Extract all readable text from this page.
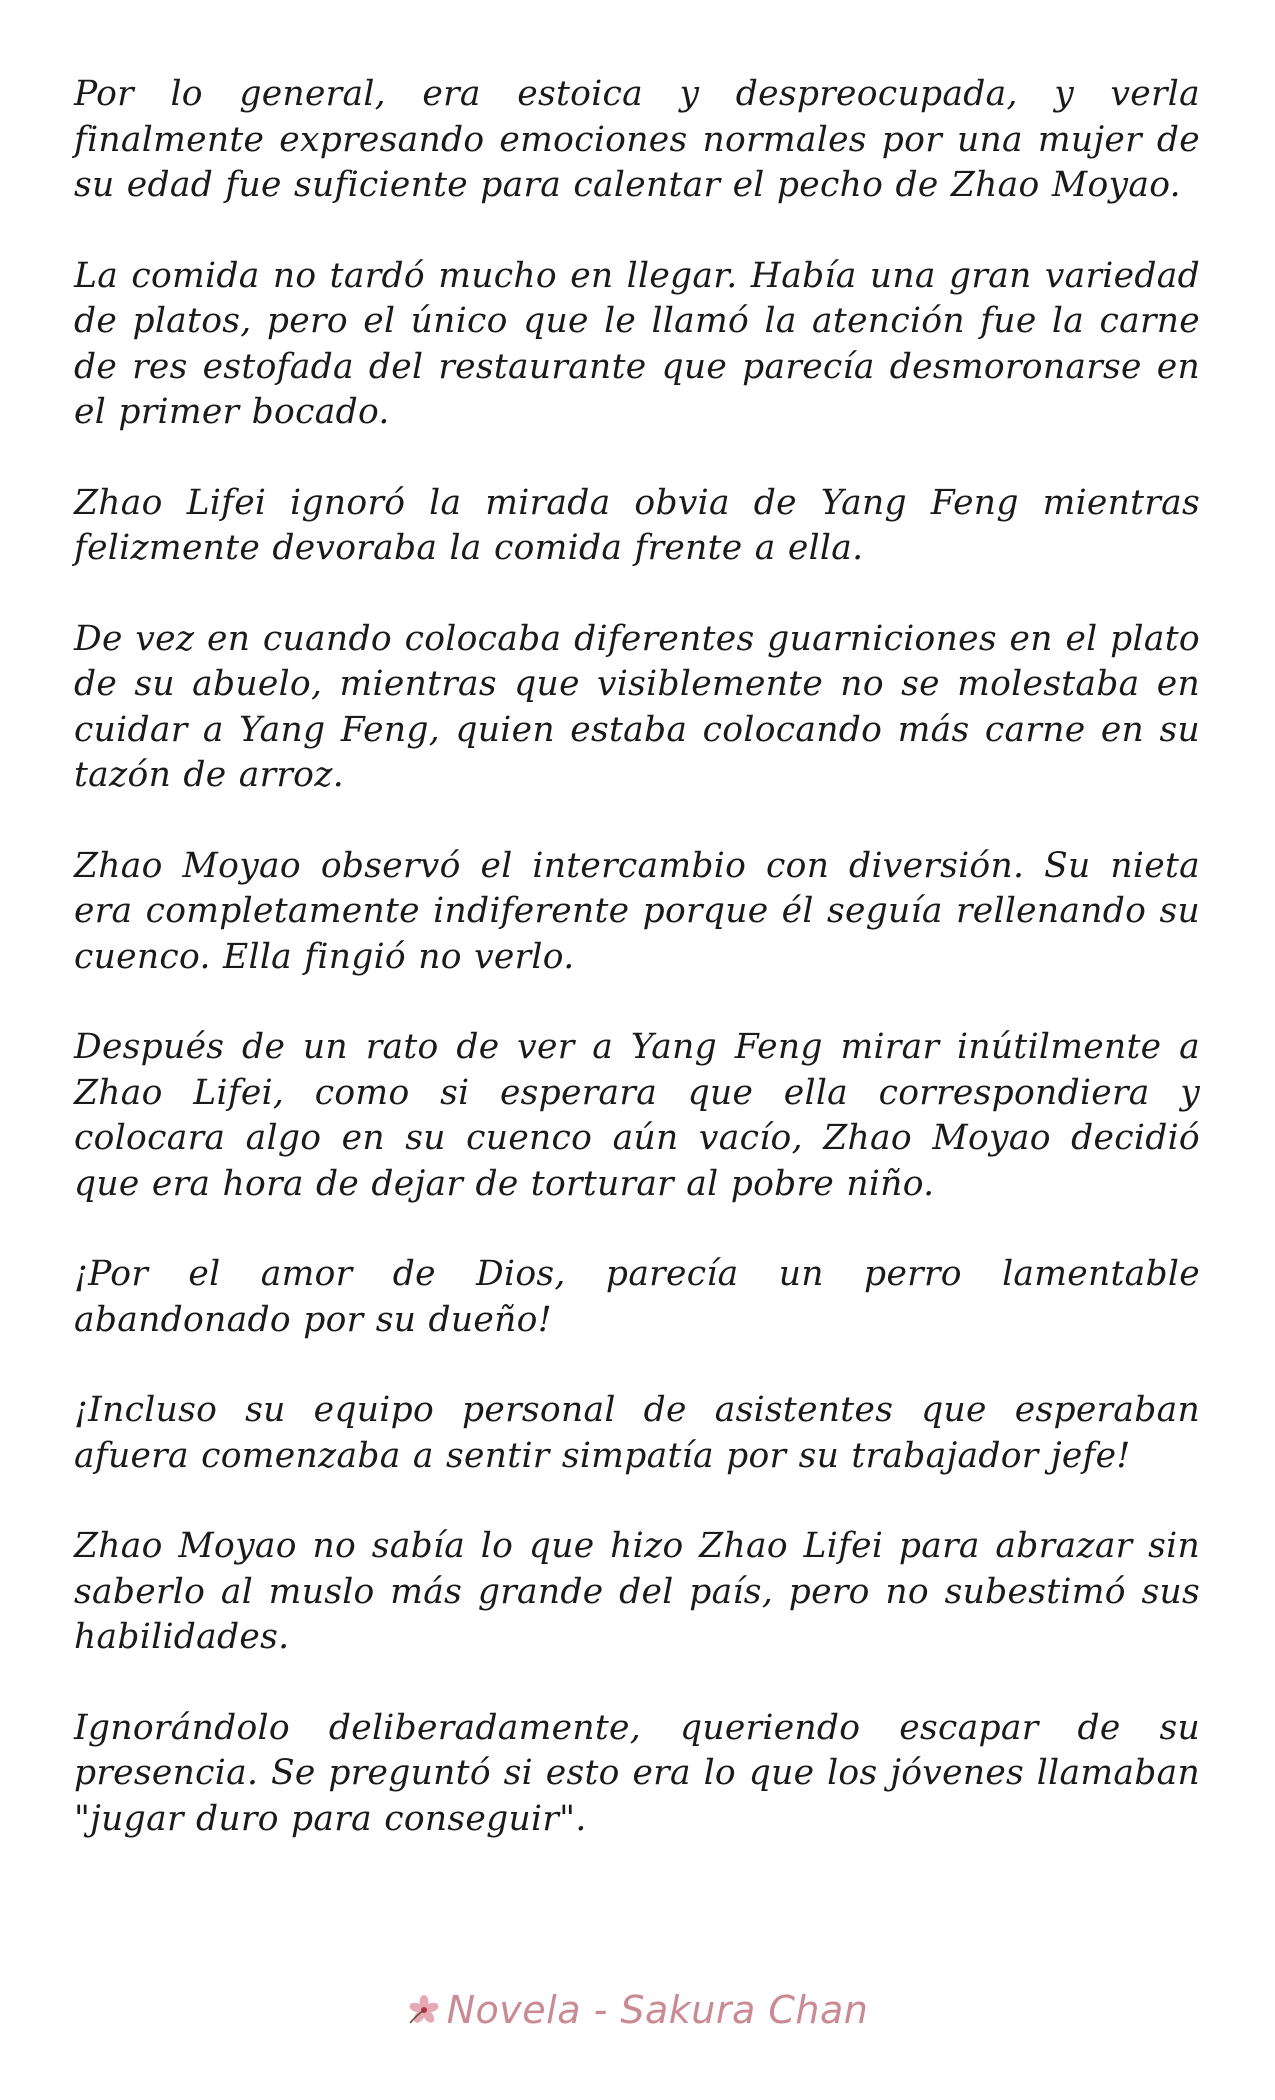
Por lo general, era estoica y despreocupada, y verla finalmente expresando emociones normales por una mujer de su edad fue suficiente para calentar el pecho de Zhao Moyao.

La comida no tardó mucho en llegar. Había una gran variedad de platos, pero el único que le llamó la atención fue la carne de res estofada del restaurante que parecía desmoronarse en el primer bocado.

Zhao Lifei ignoró la mirada obvia de Yang Feng mientras felizmente devoraba la comida frente a ella.

De vez en cuando colocaba diferentes guarniciones en el plato de su abuelo, mientras que visiblemente no se molestaba en cuidar a Yang Feng, quien estaba colocando más carne en su tazón de arroz.

Zhao Moyao observó el intercambio con diversión. Su nieta era completamente indiferente porque él seguía rellenando su cuenco. Ella fingió no verlo.

Después de un rato de ver a Yang Feng mirar inútilmente a Zhao Lifei, como si esperara que ella correspondiera y colocara algo en su cuenco aún vacío, Zhao Moyao decidió que era hora de dejar de torturar al pobre niño.

¡Por el amor de Dios, parecía un perro lamentable abandonado por su dueño!

¡Incluso su equipo personal de asistentes que esperaban afuera comenzaba a sentir simpatía por su trabajador jefe!

Zhao Moyao no sabía lo que hizo Zhao Lifei para abrazar sin saberlo al muslo más grande del país, pero no subestimó sus habilidades.

Ignorándolo deliberadamente, queriendo escapar de su presencia. Se preguntó si esto era lo que los jóvenes llamaban "jugar duro para conseguir".

Novela - Sakura Chan
